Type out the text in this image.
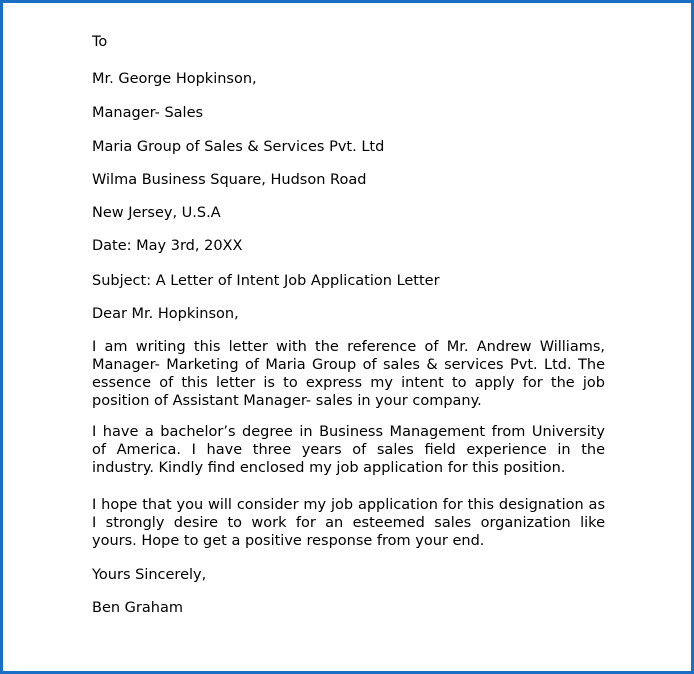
To
Mr. George Hopkinson,
Manager- Sales
Maria Group of Sales & Services Pvt. Ltd
Wilma Business Square, Hudson Road
New Jersey, U.S.A
Date: May 3rd, 20XX
Subject: A Letter of Intent Job Application Letter
Dear Mr. Hopkinson,
I am writing this letter with the reference of Mr. Andrew Williams, Manager- Marketing of Maria Group of sales & services Pvt. Ltd. The essence of this letter is to express my intent to apply for the job position of Assistant Manager- sales in your company.
I have a bachelor’s degree in Business Management from University of America. I have three years of sales field experience in the industry. Kindly find enclosed my job application for this position.
I hope that you will consider my job application for this designation as I strongly desire to work for an esteemed sales organization like yours. Hope to get a positive response from your end.
Yours Sincerely,
Ben Graham
